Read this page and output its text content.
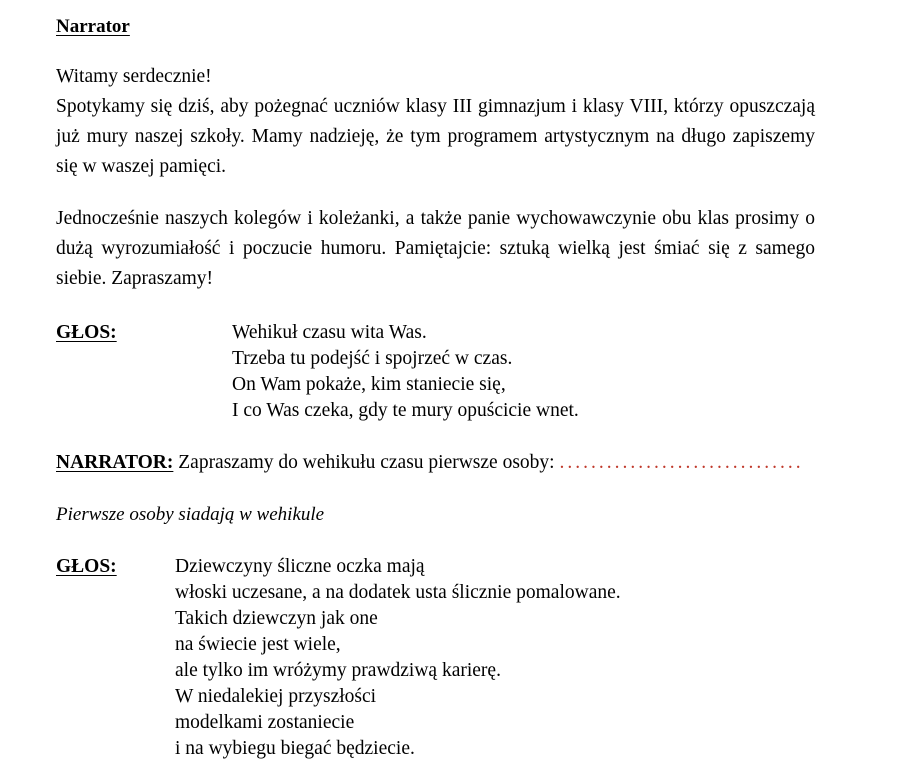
Narrator

Witamy serdecznie!

Spotykamy się dziś, aby pożegnać uczniów klasy III gimnazjum i klasy VIII, którzy opuszczają już mury naszej szkoły. Mamy nadzieję, że tym programem artystycznym na długo zapiszemy się w waszej pamięci.

Jednocześnie naszych kolegów i koleżanki, a także panie wychowawczynie obu klas prosimy o dużą wyrozumiałość i poczucie humoru. Pamiętajcie: sztuką wielką jest śmiać się z samego siebie. Zapraszamy!

GŁOS:	Wehikuł czasu wita Was.
Trzeba tu podejść i spojrzeć w czas.
On Wam pokaże, kim staniecie się,
I co Was czeka, gdy te mury opuścicie wnet.
NARRATOR: Zapraszamy do wehikułu czasu pierwsze osoby: ...............................

Pierwsze osoby siadają w wehikule

GŁOS:	Dziewczyny śliczne oczka mają
włoski uczesane, a na dodatek usta ślicznie pomalowane.
Takich dziewczyn jak one
na świecie jest wiele,
ale tylko im wróżymy prawdziwą karierę.
W niedalekiej przyszłości
modelkami zostaniecie
i na wybiegu biegać będziecie.
